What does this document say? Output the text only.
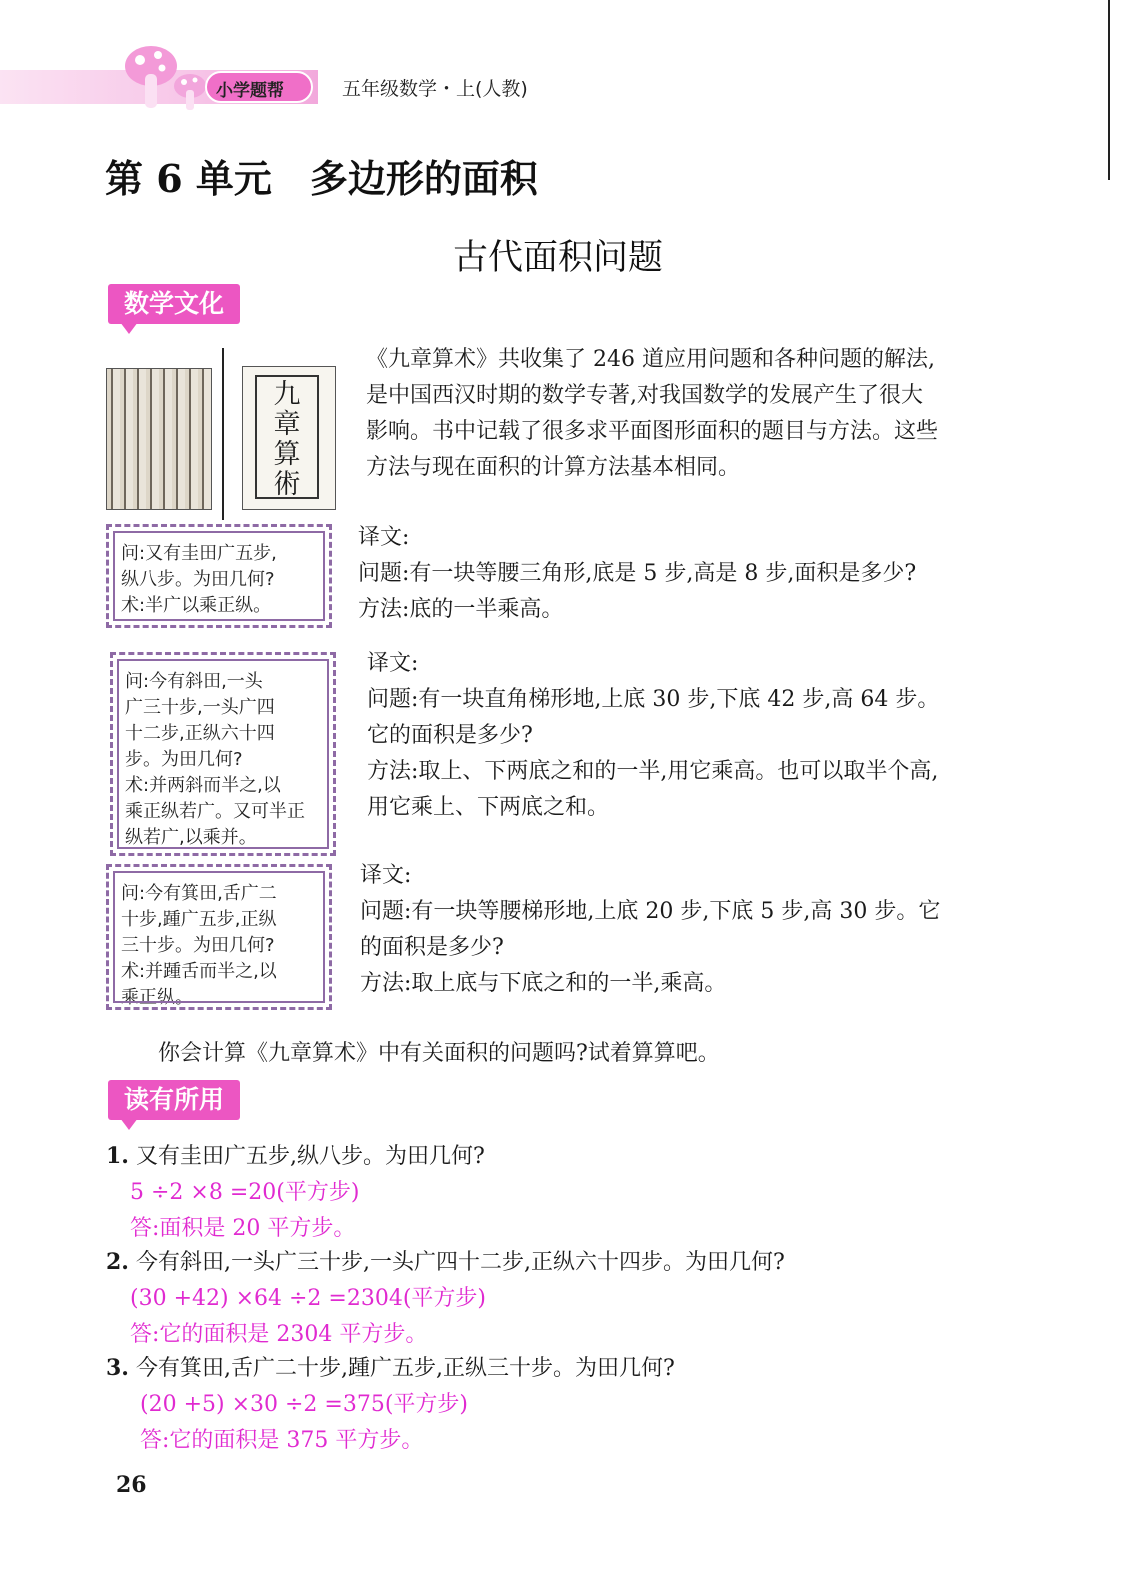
小学题帮	五年级数学・上(人教)
第 6 单元　多边形的面积
古代面积问题
数学文化
九
章
算
術
《九章算术》共收集了 246 道应用问题和各种问题的解法,
是中国西汉时期的数学专著,对我国数学的发展产生了很大
影响。书中记载了很多求平面图形面积的题目与方法。这些
方法与现在面积的计算方法基本相同。
问:又有圭田广五步,
纵八步。为田几何?
术:半广以乘正纵。
译文:
问题:有一块等腰三角形,底是 5 步,高是 8 步,面积是多少?
方法:底的一半乘高。
问:今有斜田,一头
广三十步,一头广四
十二步,正纵六十四
步。为田几何?
术:并两斜而半之,以
乘正纵若广。又可半正
纵若广,以乘并。
译文:
问题:有一块直角梯形地,上底 30 步,下底 42 步,高 64 步。
它的面积是多少?
方法:取上、下两底之和的一半,用它乘高。也可以取半个高,
用它乘上、下两底之和。
问:今有箕田,舌广二
十步,踵广五步,正纵
三十步。为田几何?
术:并踵舌而半之,以
乘正纵。
译文:
问题:有一块等腰梯形地,上底 20 步,下底 5 步,高 30 步。它
的面积是多少?
方法:取上底与下底之和的一半,乘高。
你会计算《九章算术》中有关面积的问题吗?试着算算吧。
读有所用
1. 又有圭田广五步,纵八步。为田几何?
5 ÷2 ×8 =20(平方步)
答:面积是 20 平方步。
2. 今有斜田,一头广三十步,一头广四十二步,正纵六十四步。为田几何?
(30 +42) ×64 ÷2 =2304(平方步)
答:它的面积是 2304 平方步。
3. 今有箕田,舌广二十步,踵广五步,正纵三十步。为田几何?
(20 +5) ×30 ÷2 =375(平方步)
答:它的面积是 375 平方步。
26
